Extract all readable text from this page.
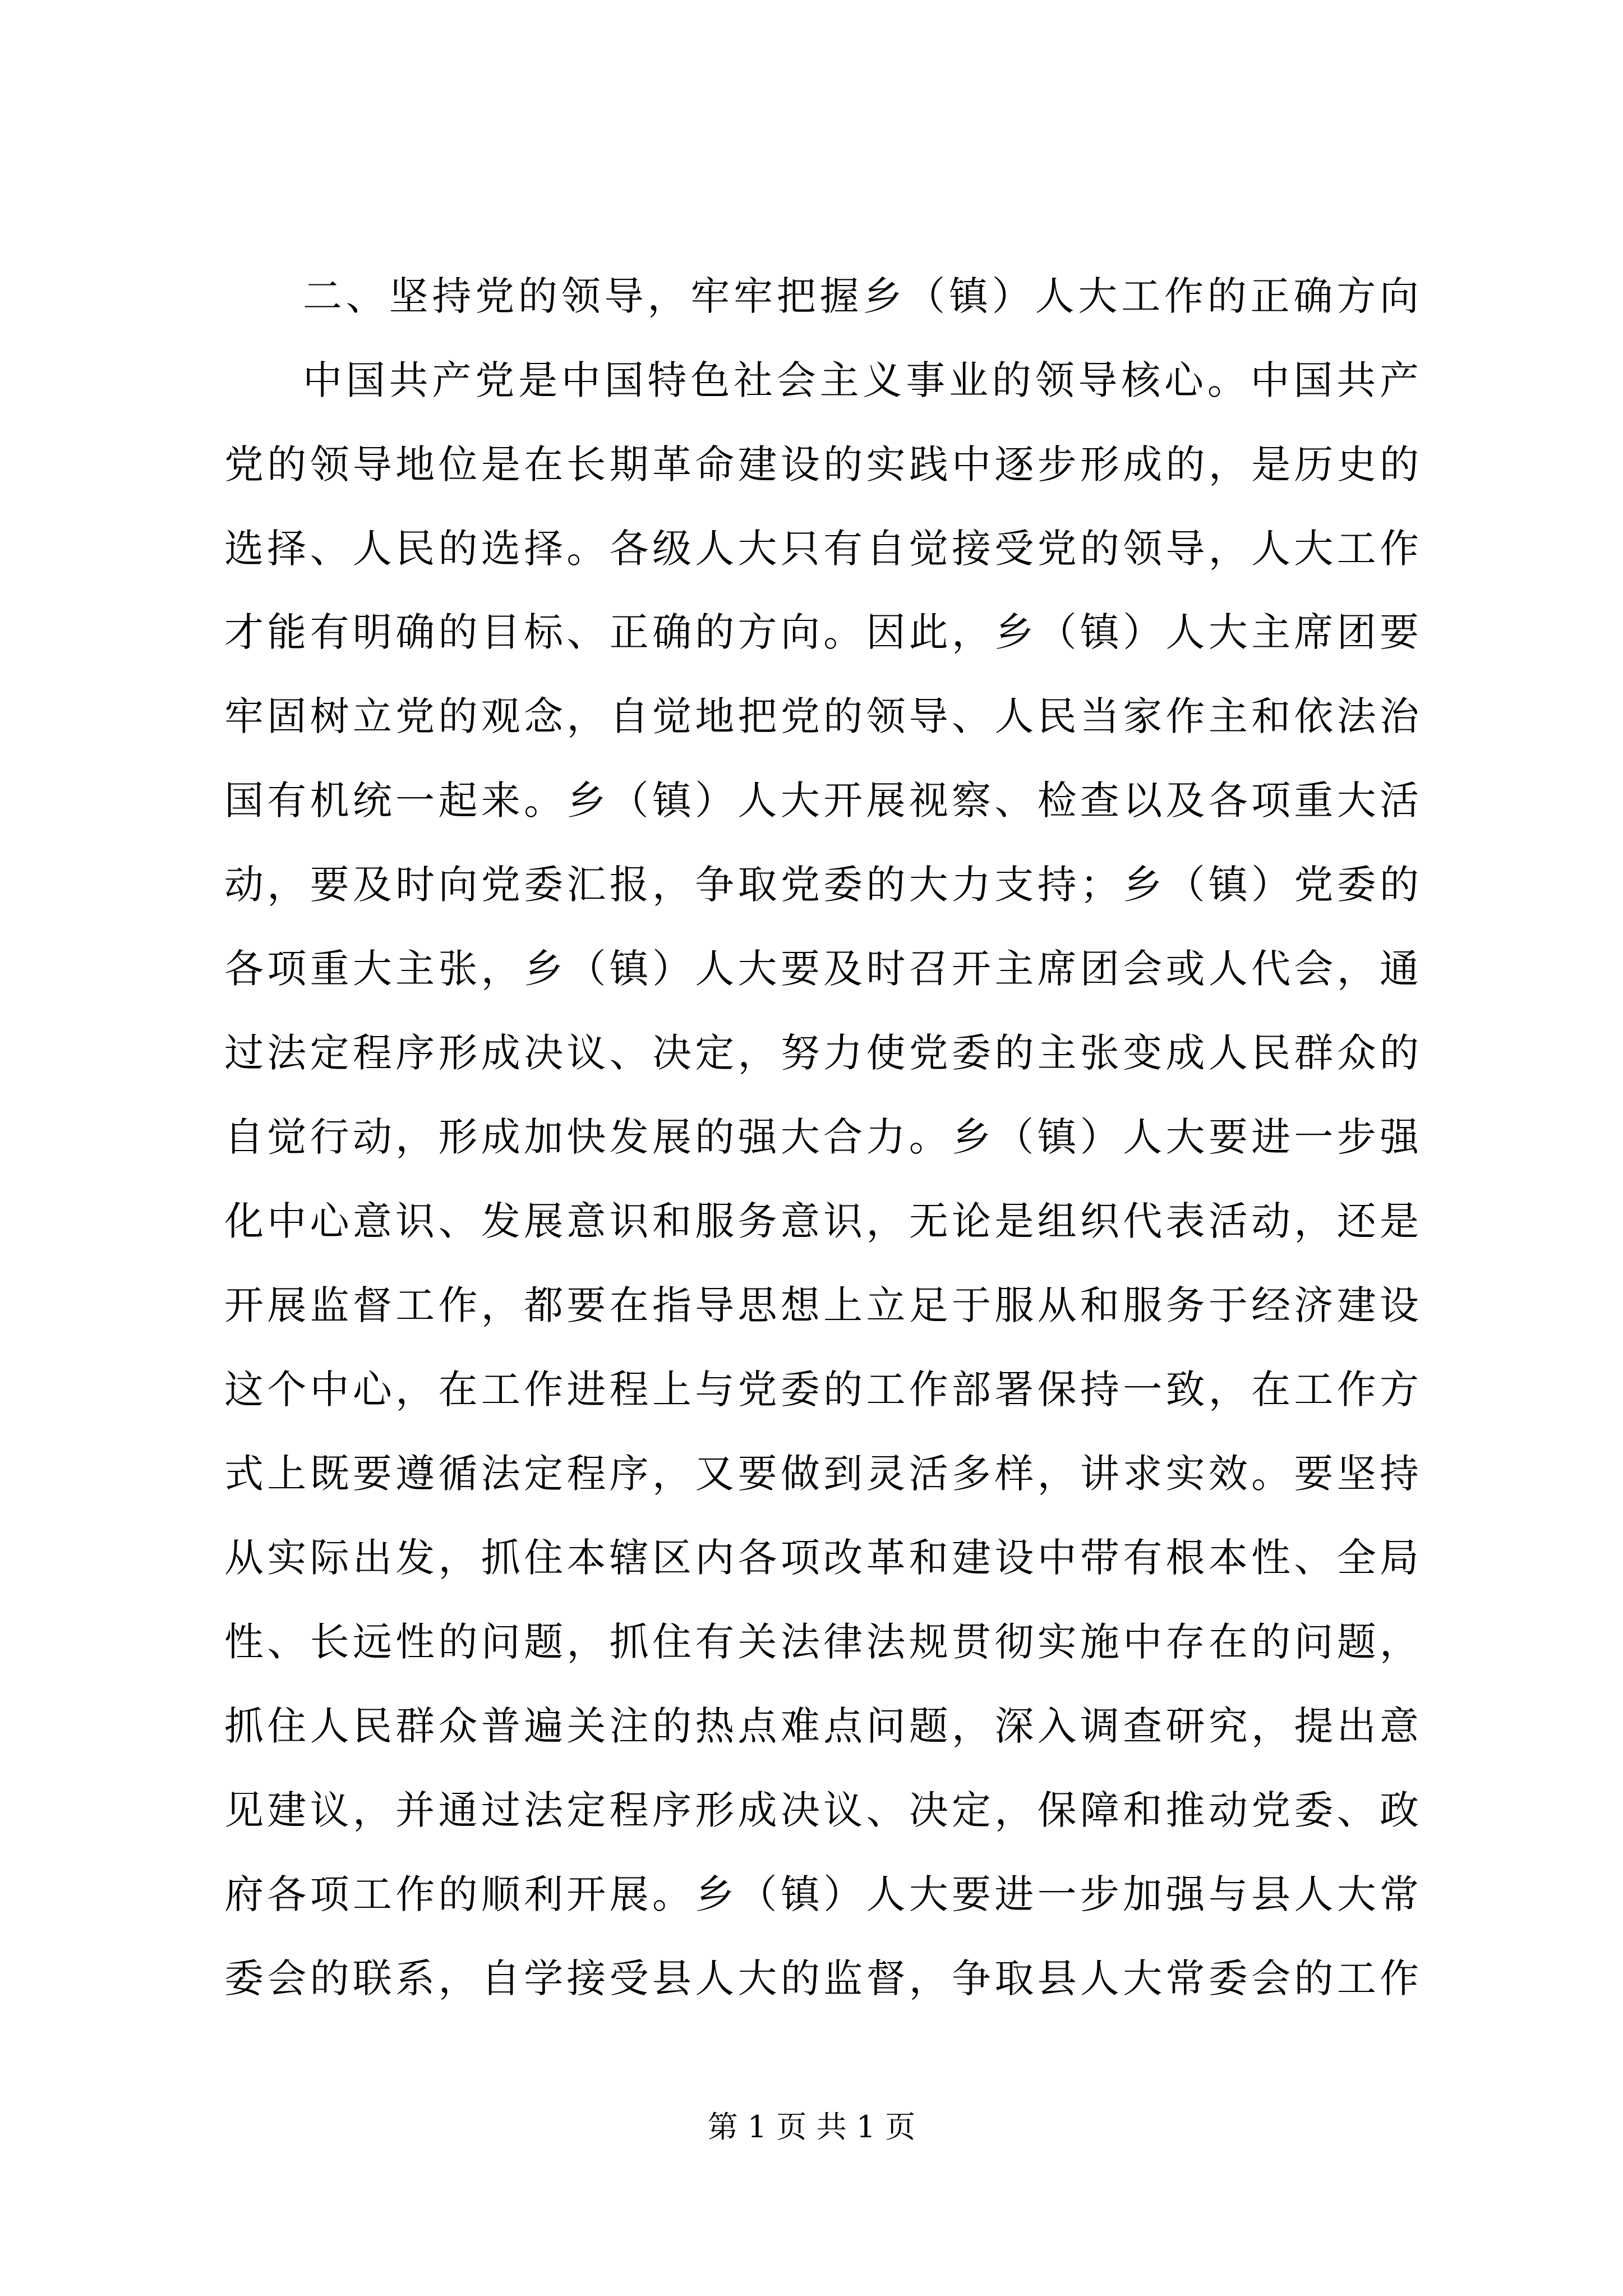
二、坚持党的领导，牢牢把握乡（镇）人大工作的正确方向
中国共产党是中国特色社会主义事业的领导核心。中国共产
党的领导地位是在长期革命建设的实践中逐步形成的，是历史的
选择、人民的选择。各级人大只有自觉接受党的领导，人大工作
才能有明确的目标、正确的方向。因此，乡（镇）人大主席团要
牢固树立党的观念，自觉地把党的领导、人民当家作主和依法治
国有机统一起来。乡（镇）人大开展视察、检查以及各项重大活
动，要及时向党委汇报，争取党委的大力支持；乡（镇）党委的
各项重大主张，乡（镇）人大要及时召开主席团会或人代会，通
过法定程序形成决议、决定，努力使党委的主张变成人民群众的
自觉行动，形成加快发展的强大合力。乡（镇）人大要进一步强
化中心意识、发展意识和服务意识，无论是组织代表活动，还是
开展监督工作，都要在指导思想上立足于服从和服务于经济建设
这个中心，在工作进程上与党委的工作部署保持一致，在工作方
式上既要遵循法定程序，又要做到灵活多样，讲求实效。要坚持
从实际出发，抓住本辖区内各项改革和建设中带有根本性、全局
性、长远性的问题，抓住有关法律法规贯彻实施中存在的问题，
抓住人民群众普遍关注的热点难点问题，深入调查研究，提出意
见建议，并通过法定程序形成决议、决定，保障和推动党委、政
府各项工作的顺利开展。乡（镇）人大要进一步加强与县人大常
委会的联系，自学接受县人大的监督，争取县人大常委会的工作
第 1 页 共 1 页
